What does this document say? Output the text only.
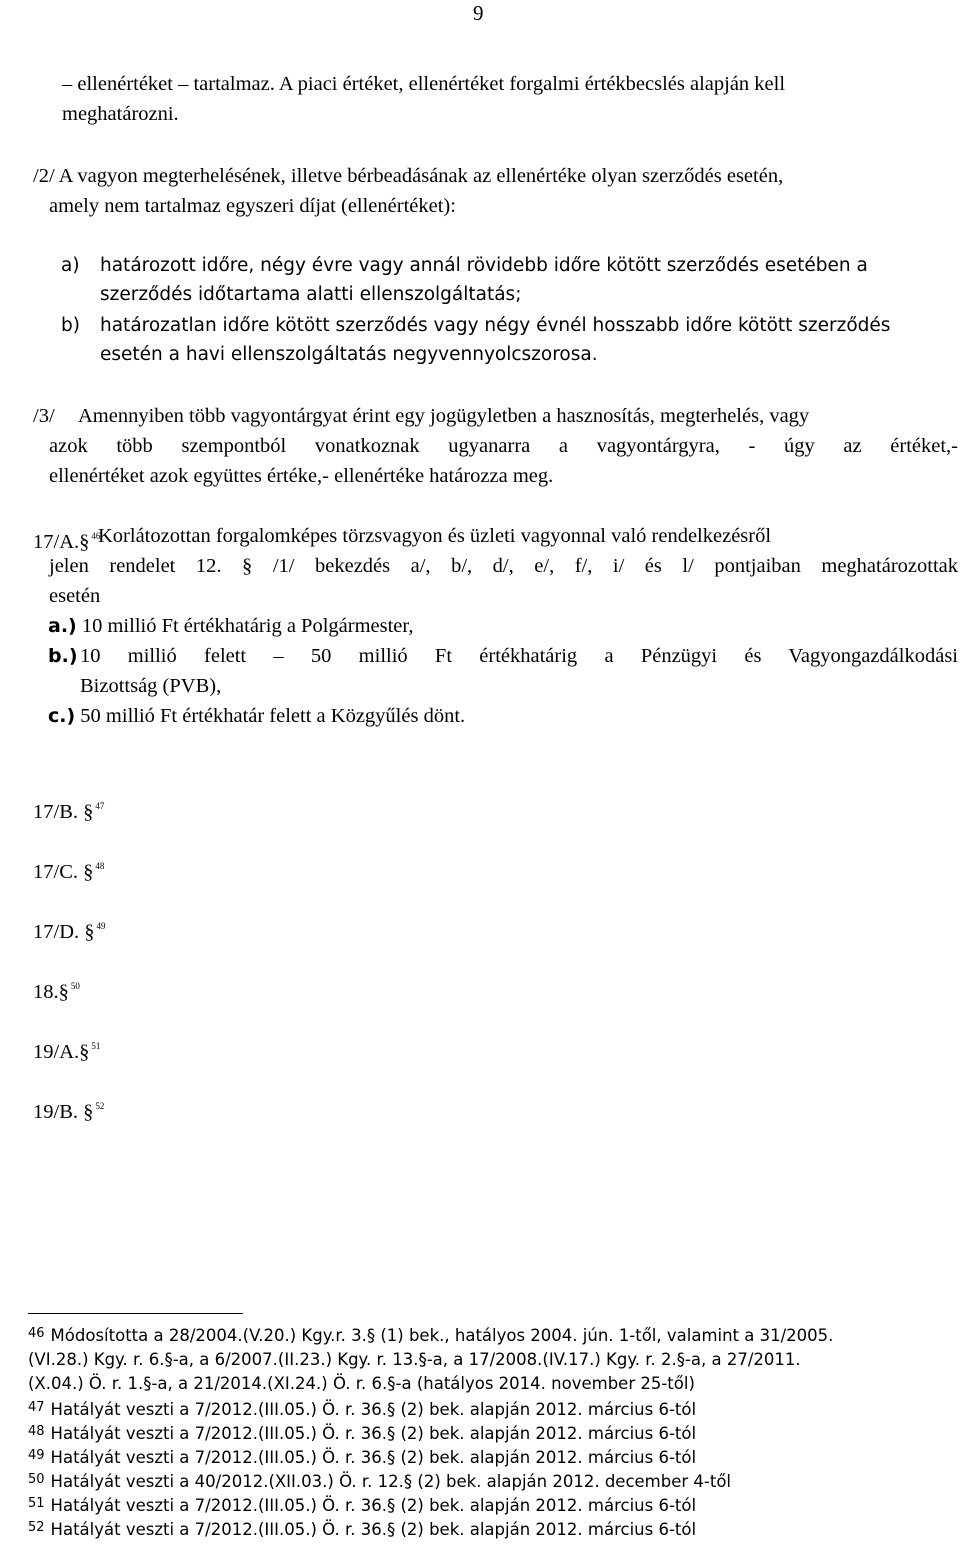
9
– ellenértéket – tartalmaz. A piaci értéket, ellenértéket forgalmi értékbecslés alapján kell
meghatározni.
/2/ A vagyon megterhelésének, illetve bérbeadásának az ellenértéke olyan szerződés esetén,
amely nem tartalmaz egyszeri díjat (ellenértéket):
a) határozott időre, négy évre vagy annál rövidebb időre kötött szerződés esetében a
szerződés időtartama alatti ellenszolgáltatás;
b) határozatlan időre kötött szerződés vagy négy évnél hosszabb időre kötött szerződés
esetén a havi ellenszolgáltatás negyvennyolcszorosa.
/3/ Amennyiben több vagyontárgyat érint egy jogügyletben a hasznosítás, megterhelés, vagy
azok több szempontból vonatkoznak ugyanarra a vagyontárgyra, - úgy az értéket,-
ellenértéket azok együttes értéke,- ellenértéke határozza meg.
17/A.§ $^{46}$
Korlátozottan forgalomképes törzsvagyon és üzleti vagyonnal való rendelkezésről
jelen rendelet 12. § /1/ bekezdés a/, b/, d/, e/, f/, i/ és l/ pontjaiban meghatározottak
esetén
a.) 10 millió Ft értékhatárig a Polgármester,
b.) 10 millió felett – 50 millió Ft értékhatárig a Pénzügyi és Vagyongazdálkodási
Bizottság (PVB),
c.) 50 millió Ft értékhatár felett a Közgyűlés dönt.
17/B. § $^{47}$
17/C. § $^{48}$
17/D. § $^{49}$
18.§ $^{50}$
19/A.§ $^{51}$
19/B. § $^{52}$
$^{46}$ Módosította a 28/2004.(V.20.) Kgy.r. 3.§ (1) bek., hatályos 2004. jún. 1-től, valamint a 31/2005.
(VI.28.) Kgy. r. 6.§-a, a 6/2007.(II.23.) Kgy. r. 13.§-a, a 17/2008.(IV.17.) Kgy. r. 2.§-a, a 27/2011.
(X.04.) Ö. r. 1.§-a, a 21/2014.(XI.24.) Ö. r. 6.§-a (hatályos 2014. november 25-től)
$^{47}$ Hatályát veszti a 7/2012.(III.05.) Ö. r. 36.§ (2) bek. alapján 2012. március 6-tól
$^{48}$ Hatályát veszti a 7/2012.(III.05.) Ö. r. 36.§ (2) bek. alapján 2012. március 6-tól
$^{49}$ Hatályát veszti a 7/2012.(III.05.) Ö. r. 36.§ (2) bek. alapján 2012. március 6-tól
$^{50}$ Hatályát veszti a 40/2012.(XII.03.) Ö. r. 12.§ (2) bek. alapján 2012. december 4-től
$^{51}$ Hatályát veszti a 7/2012.(III.05.) Ö. r. 36.§ (2) bek. alapján 2012. március 6-tól
$^{52}$ Hatályát veszti a 7/2012.(III.05.) Ö. r. 36.§ (2) bek. alapján 2012. március 6-tól
